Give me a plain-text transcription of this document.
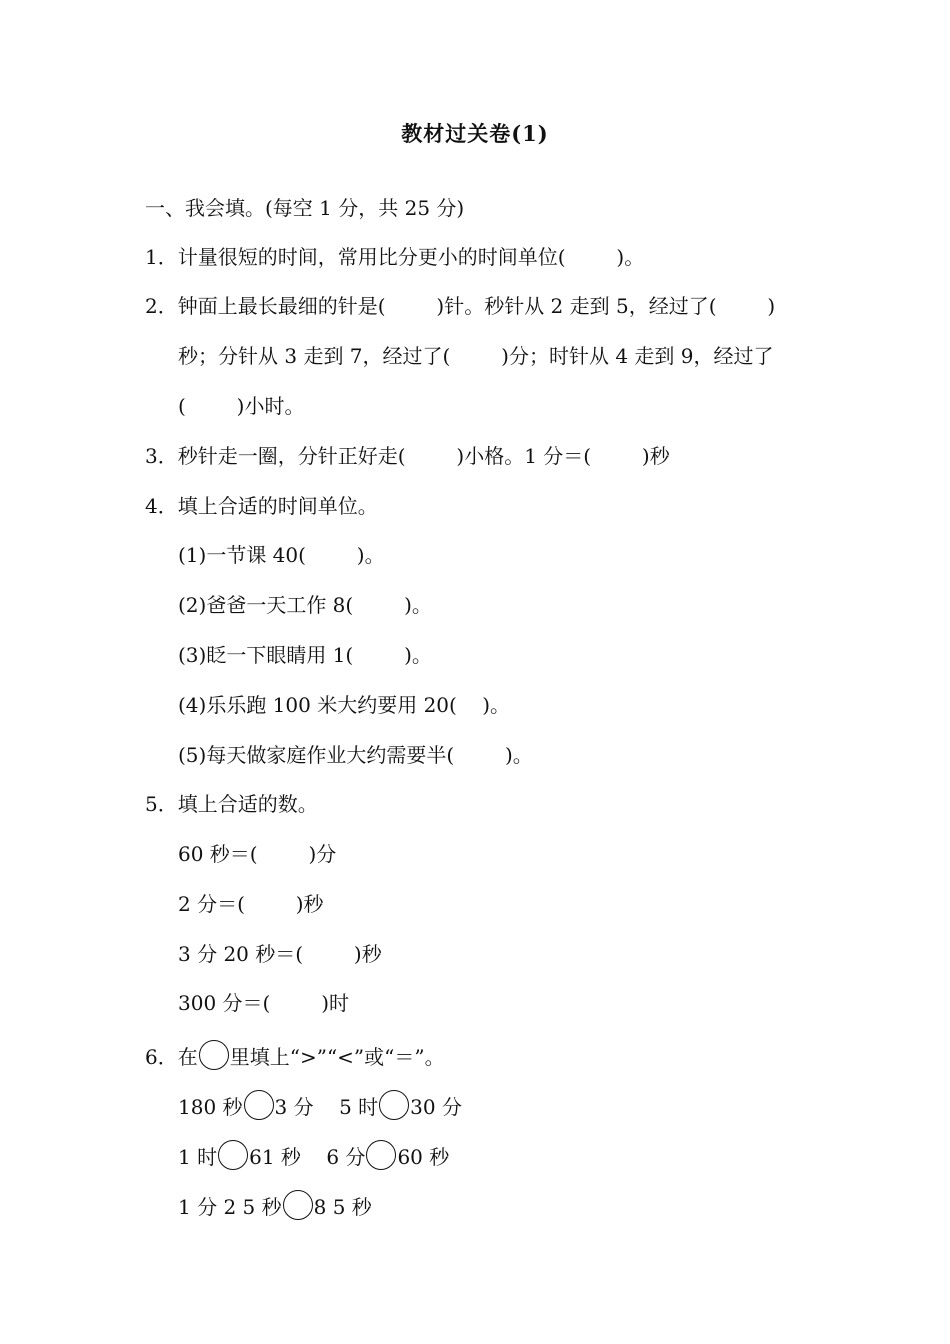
教材过关卷(1)
一、我会填。(每空 1 分，共 25 分)
1．计量很短的时间，常用比分更小的时间单位(        )。
2．钟面上最长最细的针是(        )针。秒针从 2 走到 5，经过了(        )
秒；分针从 3 走到 7，经过了(        )分；时针从 4 走到 9，经过了
(        )小时。
3．秒针走一圈，分针正好走(        )小格。1 分＝(        )秒
4．填上合适的时间单位。
(1)一节课 40(        )。
(2)爸爸一天工作 8(        )。
(3)眨一下眼睛用 1(        )。
(4)乐乐跑 100 米大约要用 20(    )。
(5)每天做家庭作业大约需要半(        )。
5．填上合适的数。
60 秒＝(        )分
2 分＝(        )秒
3 分 20 秒＝(        )秒
300 分＝(        )时
6．在 里填上“>”“<”或“＝”。
180 秒 3 分 5 时 30 分
1 时 61 秒 6 分 60 秒
1 分 2 5 秒 8 5 秒
